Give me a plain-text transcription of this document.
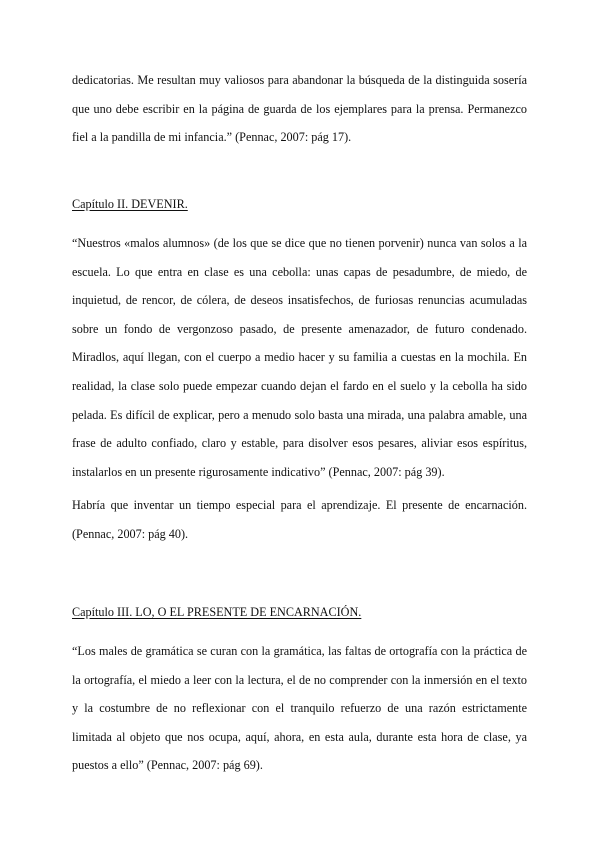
dedicatorias. Me resultan muy valiosos para abandonar la búsqueda de la distinguida sosería que uno debe escribir en la página de guarda de los ejemplares para la prensa. Permanezco fiel a la pandilla de mi infancia.” (Pennac, 2007: pág 17).

Capítulo II. DEVENIR.

“Nuestros «malos alumnos» (de los que se dice que no tienen porvenir) nunca van solos a la escuela. Lo que entra en clase es una cebolla: unas capas de pesadumbre, de miedo, de inquietud, de rencor, de cólera, de deseos insatisfechos, de furiosas renuncias acumuladas sobre un fondo de vergonzoso pasado, de presente amenazador, de futuro condenado. Miradlos, aquí llegan, con el cuerpo a medio hacer y su familia a cuestas en la mochila. En realidad, la clase solo puede empezar cuando dejan el fardo en el suelo y la cebolla ha sido pelada. Es difícil de explicar, pero a menudo solo basta una mirada, una palabra amable, una frase de adulto confiado, claro y estable, para disolver esos pesares, aliviar esos espíritus, instalarlos en un presente rigurosamente indicativo” (Pennac, 2007: pág 39).

Habría que inventar un tiempo especial para el aprendizaje. El presente de encarnación. (Pennac, 2007: pág 40).

Capítulo III. LO, O EL PRESENTE DE ENCARNACIÓN.

“Los males de gramática se curan con la gramática, las faltas de ortografía con la práctica de la ortografía, el miedo a leer con la lectura, el de no comprender con la inmersión en el texto y la costumbre de no reflexionar con el tranquilo refuerzo de una razón estrictamente limitada al objeto que nos ocupa, aquí, ahora, en esta aula, durante esta hora de clase, ya puestos a ello” (Pennac, 2007: pág 69).
